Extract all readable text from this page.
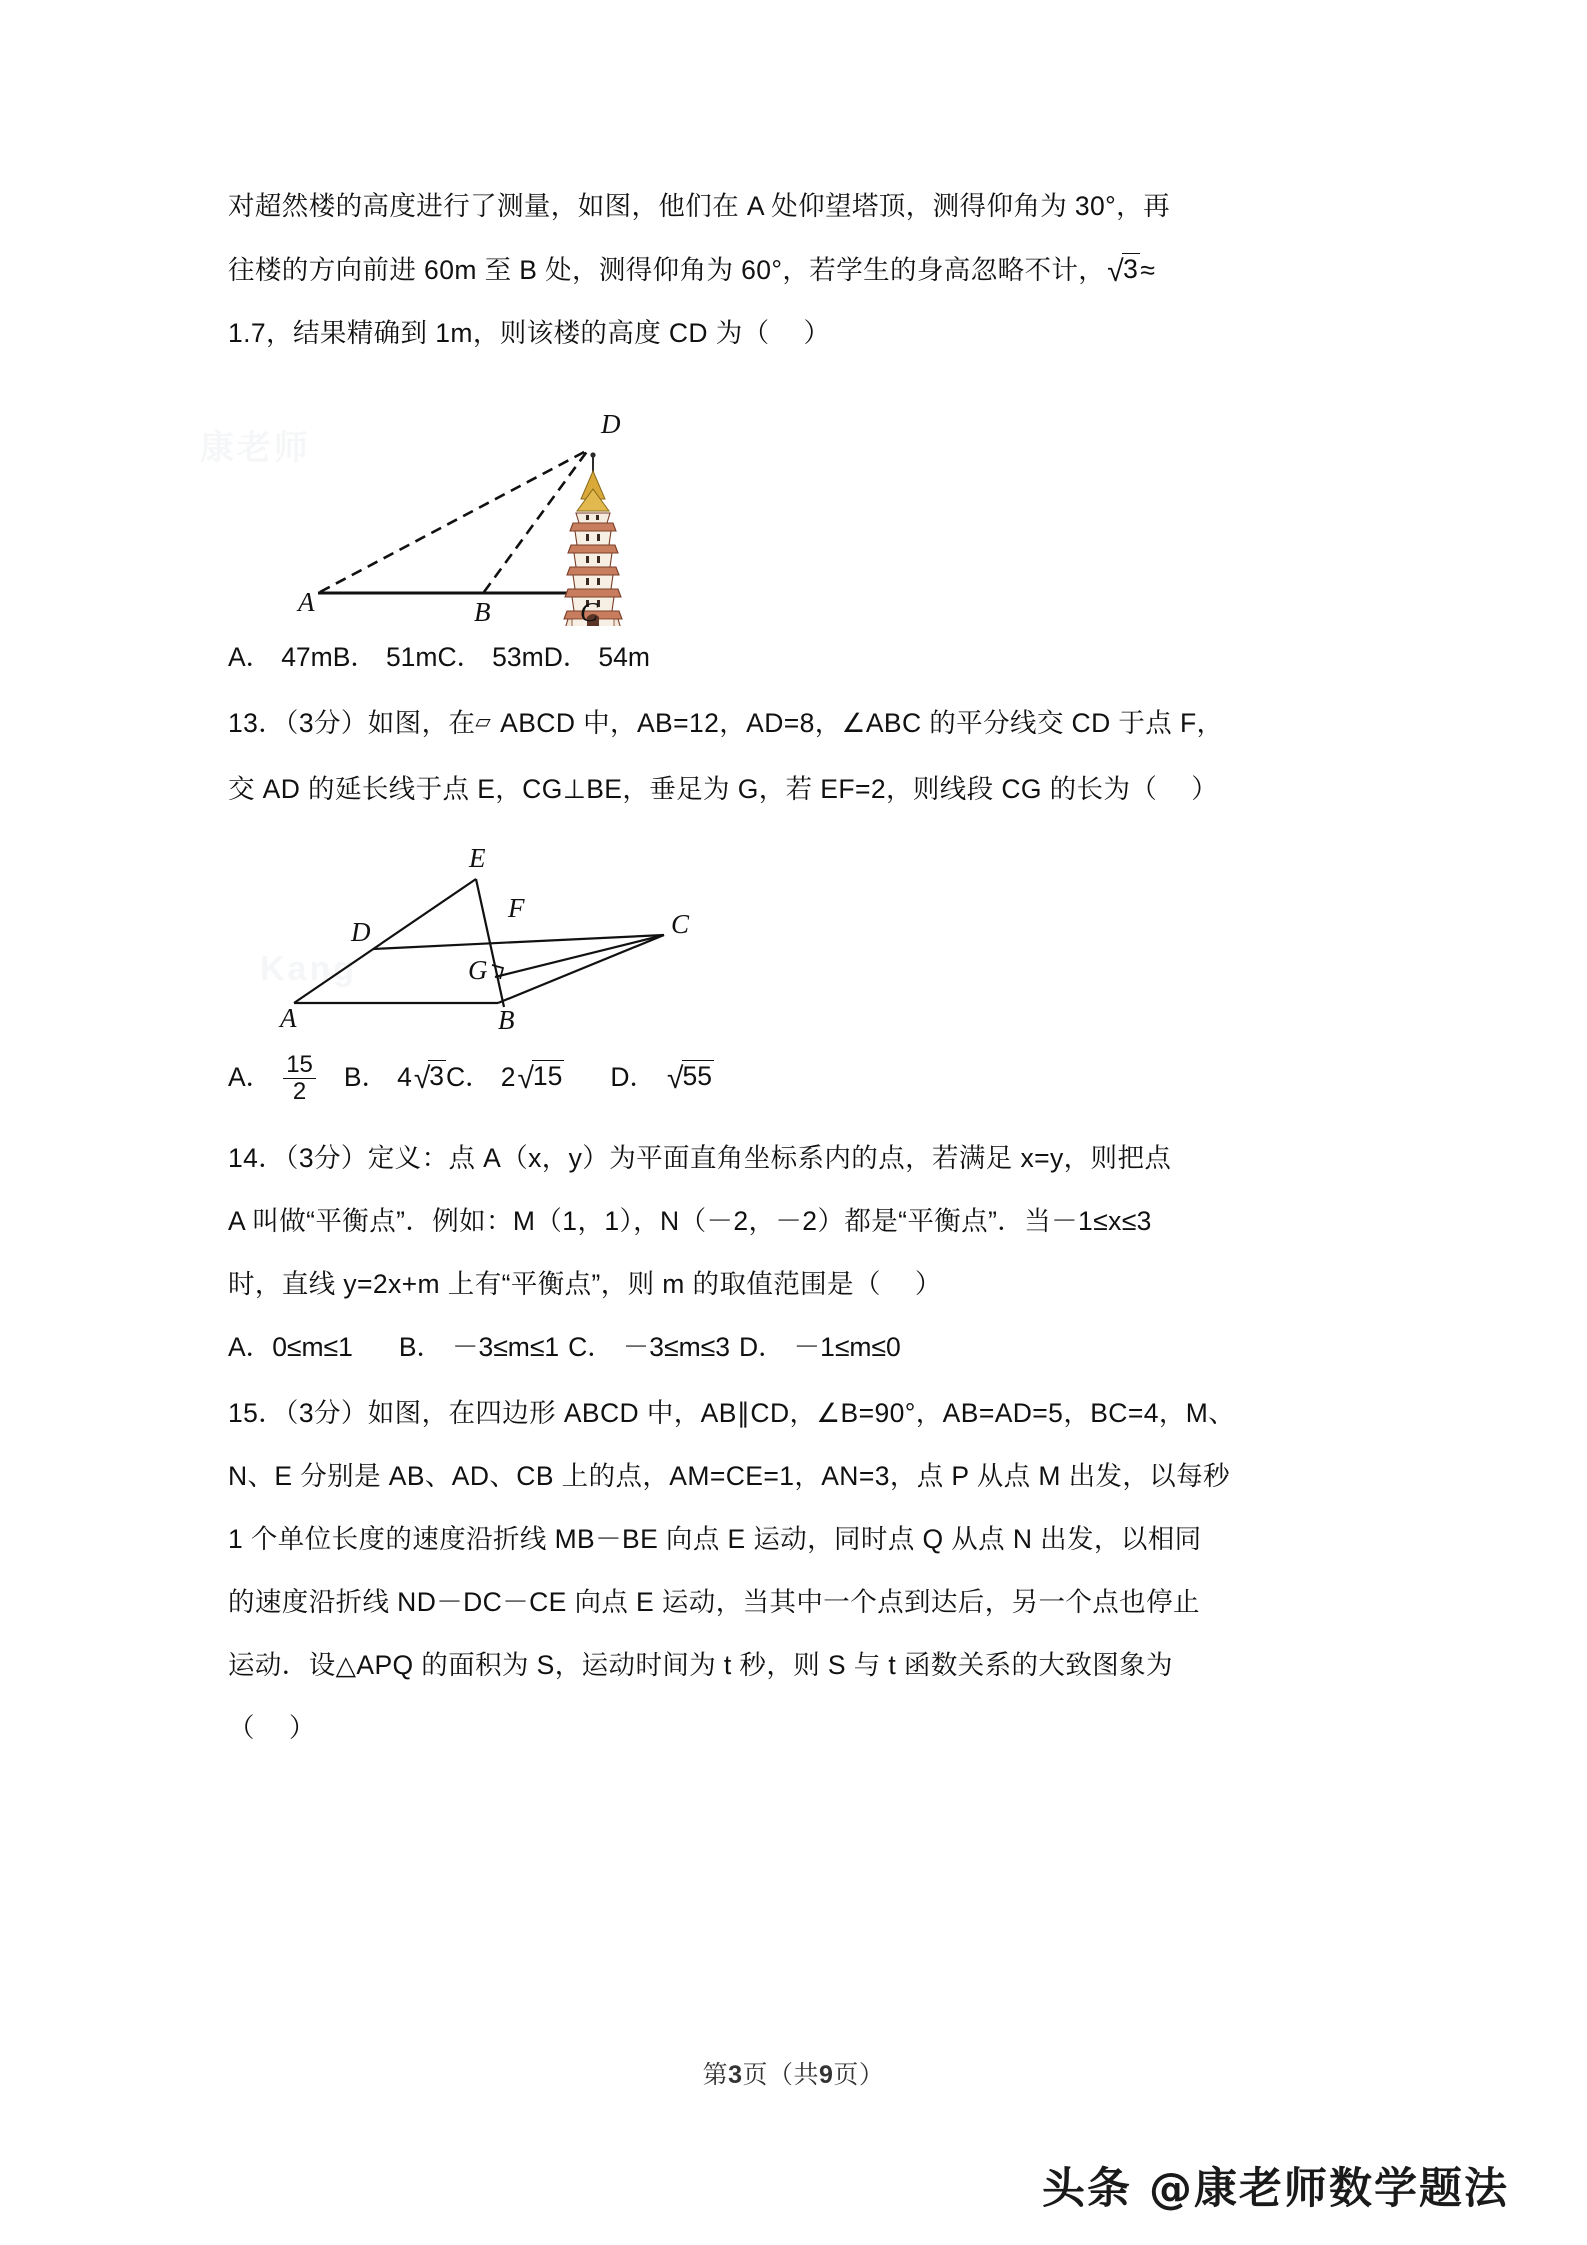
康老师
Kang
对超然楼的高度进行了测量，如图，他们在 A 处仰望塔顶，测得仰角为 30°，再
往楼的方向前进 60m 至 B 处，测得仰角为 60°，若学生的身高忽略不计，√3≈
1.7，结果精确到 1m，则该楼的高度 CD 为（ ）
D
A	B	C
A． 47mB． 51mC． 53mD． 54m
13．（3分）如图，在▱ ABCD 中，AB=12，AD=8，∠ABC 的平分线交 CD 于点 F，
交 AD 的延长线于点 E，CG⊥BE，垂足为 G，若 EF=2，则线段 CG 的长为（ ）
E
D
F
C
G
A	B
A． $\frac{15}{2}$ B． 4√3C． 2√15 D． √55
14．（3分）定义：点 A（x，y）为平面直角坐标系内的点，若满足 x=y，则把点
A 叫做“平衡点”．例如：M（1，1），N（－2，－2）都是“平衡点”．当－1≤x≤3
时，直线 y=2x+m 上有“平衡点”，则 m 的取值范围是（ ）
A．0≤m≤1 B． －3≤m≤1 C． －3≤m≤3 D． －1≤m≤0
15．（3分）如图，在四边形 ABCD 中，AB∥CD，∠B=90°，AB=AD=5，BC=4，M、
N、E 分别是 AB、AD、CB 上的点，AM=CE=1，AN=3，点 P 从点 M 出发，以每秒
1 个单位长度的速度沿折线 MB－BE 向点 E 运动，同时点 Q 从点 N 出发，以相同
的速度沿折线 ND－DC－CE 向点 E 运动，当其中一个点到达后，另一个点也停止
运动．设△APQ 的面积为 S，运动时间为 t 秒，则 S 与 t 函数关系的大致图象为
（ ）
第3页（共9页）
头条 @康老师数学题法
